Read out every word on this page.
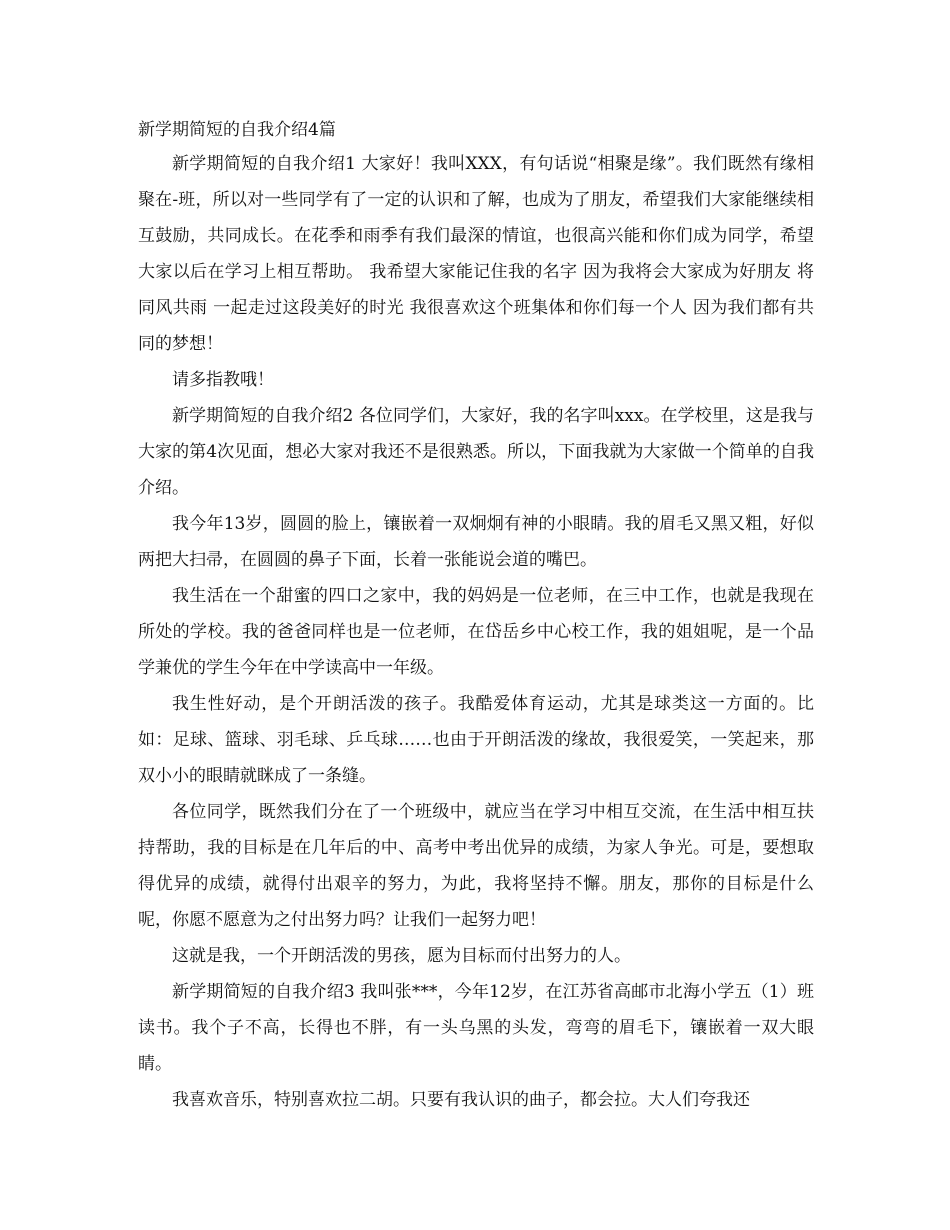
新学期简短的自我介绍4篇

新学期简短的自我介绍1 大家好！我叫XXX，有句话说“相聚是缘”。我们既然有缘相聚在-班，所以对一些同学有了一定的认识和了解，也成为了朋友，希望我们大家能继续相互鼓励，共同成长。在花季和雨季有我们最深的情谊，也很高兴能和你们成为同学，希望大家以后在学习上相互帮助。 我希望大家能记住我的名字 因为我将会大家成为好朋友 将同风共雨 一起走过这段美好的时光 我很喜欢这个班集体和你们每一个人 因为我们都有共同的梦想！

请多指教哦！

新学期简短的自我介绍2 各位同学们，大家好，我的名字叫xxx。在学校里，这是我与大家的第4次见面，想必大家对我还不是很熟悉。所以，下面我就为大家做一个简单的自我介绍。

我今年13岁，圆圆的脸上，镶嵌着一双炯炯有神的小眼睛。我的眉毛又黑又粗，好似两把大扫帚，在圆圆的鼻子下面，长着一张能说会道的嘴巴。

我生活在一个甜蜜的四口之家中，我的妈妈是一位老师，在三中工作，也就是我现在所处的学校。我的爸爸同样也是一位老师，在岱岳乡中心校工作，我的姐姐呢，是一个品学兼优的学生今年在中学读高中一年级。

我生性好动，是个开朗活泼的孩子。我酷爱体育运动，尤其是球类这一方面的。比如：足球、篮球、羽毛球、乒乓球……也由于开朗活泼的缘故，我很爱笑，一笑起来，那双小小的眼睛就眯成了一条缝。

各位同学，既然我们分在了一个班级中，就应当在学习中相互交流，在生活中相互扶持帮助，我的目标是在几年后的中、高考中考出优异的成绩，为家人争光。可是，要想取得优异的成绩，就得付出艰辛的努力，为此，我将坚持不懈。朋友，那你的目标是什么呢，你愿不愿意为之付出努力吗？让我们一起努力吧！

这就是我，一个开朗活泼的男孩，愿为目标而付出努力的人。

新学期简短的自我介绍3 我叫张***，今年12岁，在江苏省高邮市北海小学五（1）班读书。我个子不高，长得也不胖，有一头乌黑的头发，弯弯的眉毛下，镶嵌着一双大眼睛。

我喜欢音乐，特别喜欢拉二胡。只要有我认识的曲子，都会拉。大人们夸我还
